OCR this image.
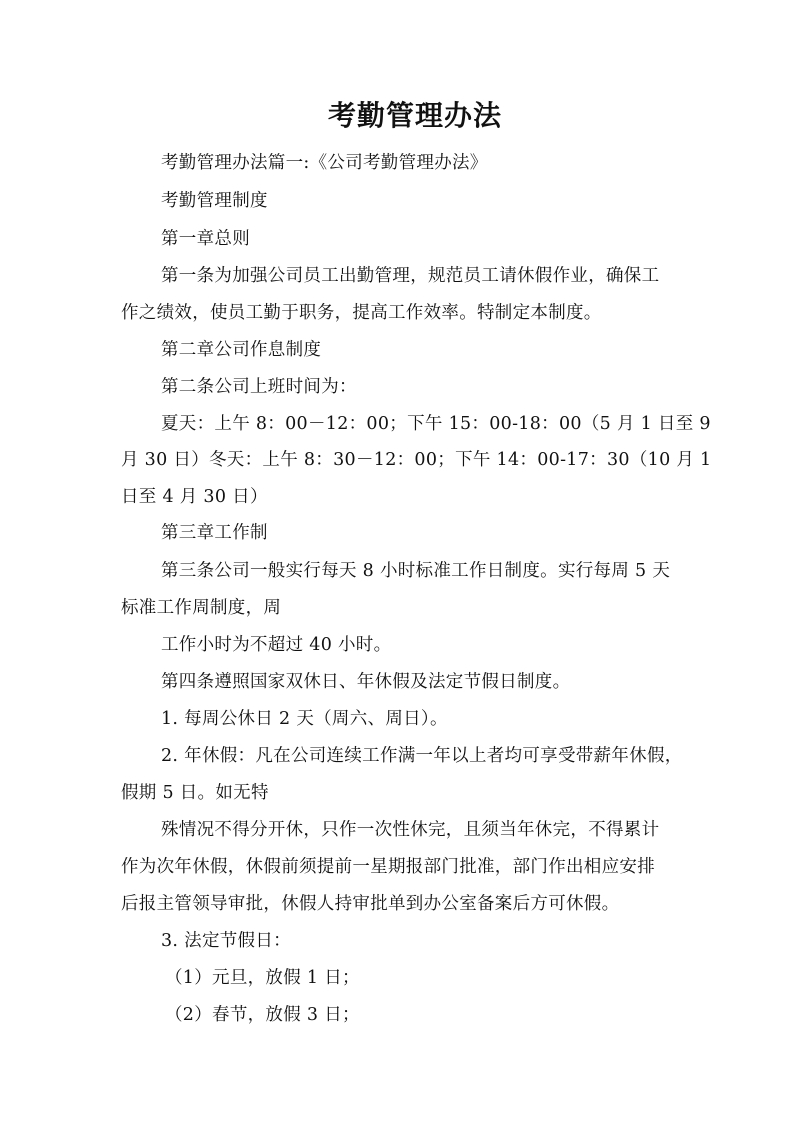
考勤管理办法
考勤管理办法篇一:《公司考勤管理办法》
考勤管理制度
第一章总则
第一条为加强公司员工出勤管理，规范员工请休假作业，确保工
作之绩效，使员工勤于职务，提高工作效率。特制定本制度。
第二章公司作息制度
第二条公司上班时间为：
夏天：上午 8：00－12：00；下午 15：00-18：00（5 月 1 日至 9
月 30 日）冬天：上午 8：30－12：00；下午 14：00-17：30（10 月 1
日至 4 月 30 日）
第三章工作制
第三条公司一般实行每天 8 小时标准工作日制度。实行每周 5 天
标准工作周制度，周
工作小时为不超过 40 小时。
第四条遵照国家双休日、年休假及法定节假日制度。
1. 每周公休日 2 天（周六、周日）。
2. 年休假：凡在公司连续工作满一年以上者均可享受带薪年休假，
假期 5 日。如无特
殊情况不得分开休，只作一次性休完，且须当年休完，不得累计
作为次年休假，休假前须提前一星期报部门批准，部门作出相应安排
后报主管领导审批，休假人持审批单到办公室备案后方可休假。
3. 法定节假日：
（1）元旦，放假 1 日；
（2）春节，放假 3 日；
